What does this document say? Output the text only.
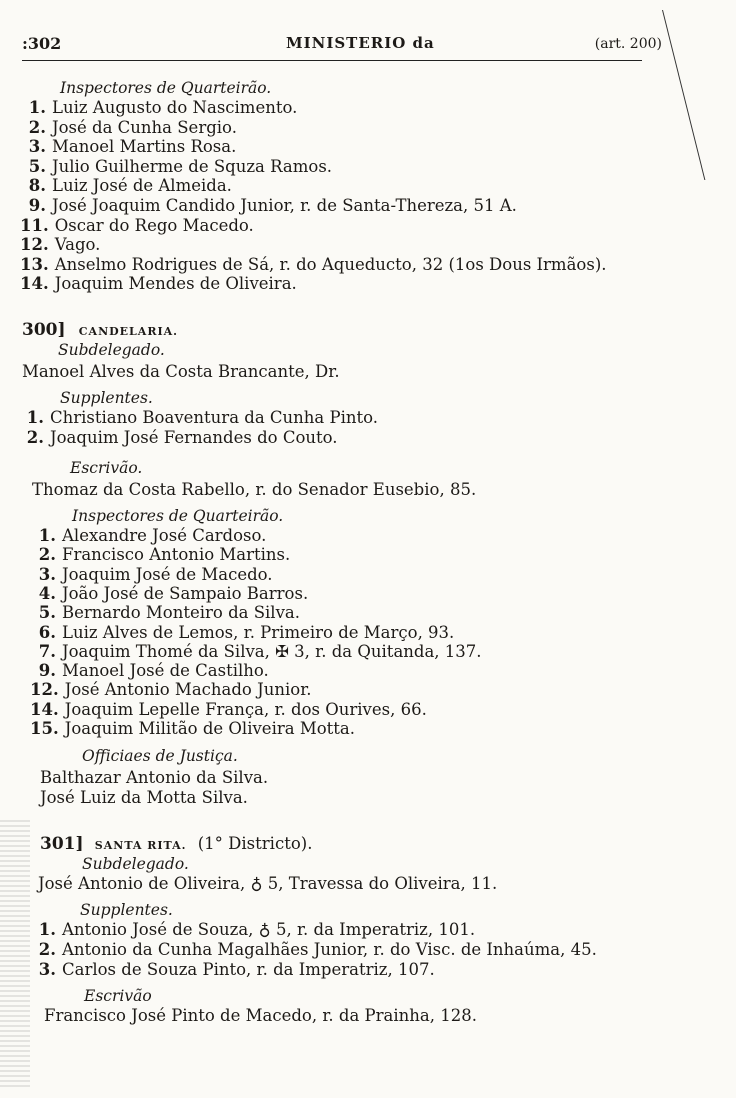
:302	MINISTERIO da	(art. 200)
Inspectores de Quarteirão.
1. Luiz Augusto do Nascimento.
2. José da Cunha Sergio.
3. Manoel Martins Rosa.
5. Julio Guilherme de Squza Ramos.
8. Luiz José de Almeida.
9. José Joaquim Candido Junior, r. de Santa-Thereza, 51 A.
11. Oscar do Rego Macedo.
12. Vago.
13. Anselmo Rodrigues de Sá, r. do Aqueducto, 32 (1os Dous Irmãos).
14. Joaquim Mendes de Oliveira.
300] CANDELARIA.
Subdelegado.
Manoel Alves da Costa Brancante, Dr.
Supplentes.
1. Christiano Boaventura da Cunha Pinto.
2. Joaquim José Fernandes do Couto.
Escrivão.
Thomaz da Costa Rabello, r. do Senador Eusebio, 85.
Inspectores de Quarteirão.
1. Alexandre José Cardoso.
2. Francisco Antonio Martins.
3. Joaquim José de Macedo.
4. João José de Sampaio Barros.
5. Bernardo Monteiro da Silva.
6. Luiz Alves de Lemos, r. Primeiro de Março, 93.
7. Joaquim Thomé da Silva, ✠ 3, r. da Quitanda, 137.
9. Manoel José de Castilho.
12. José Antonio Machado Junior.
14. Joaquim Lepelle França, r. dos Ourives, 66.
15. Joaquim Militão de Oliveira Motta.
Officiaes de Justiça.
Balthazar Antonio da Silva.
José Luiz da Motta Silva.
301] SANTA RITA. (1° Districto).
Subdelegado.
José Antonio de Oliveira, ♁ 5, Travessa do Oliveira, 11.
Supplentes.
1. Antonio José de Souza, ♁ 5, r. da Imperatriz, 101.
2. Antonio da Cunha Magalhães Junior, r. do Visc. de Inhaúma, 45.
3. Carlos de Souza Pinto, r. da Imperatriz, 107.
Escrivão
Francisco José Pinto de Macedo, r. da Prainha, 128.
